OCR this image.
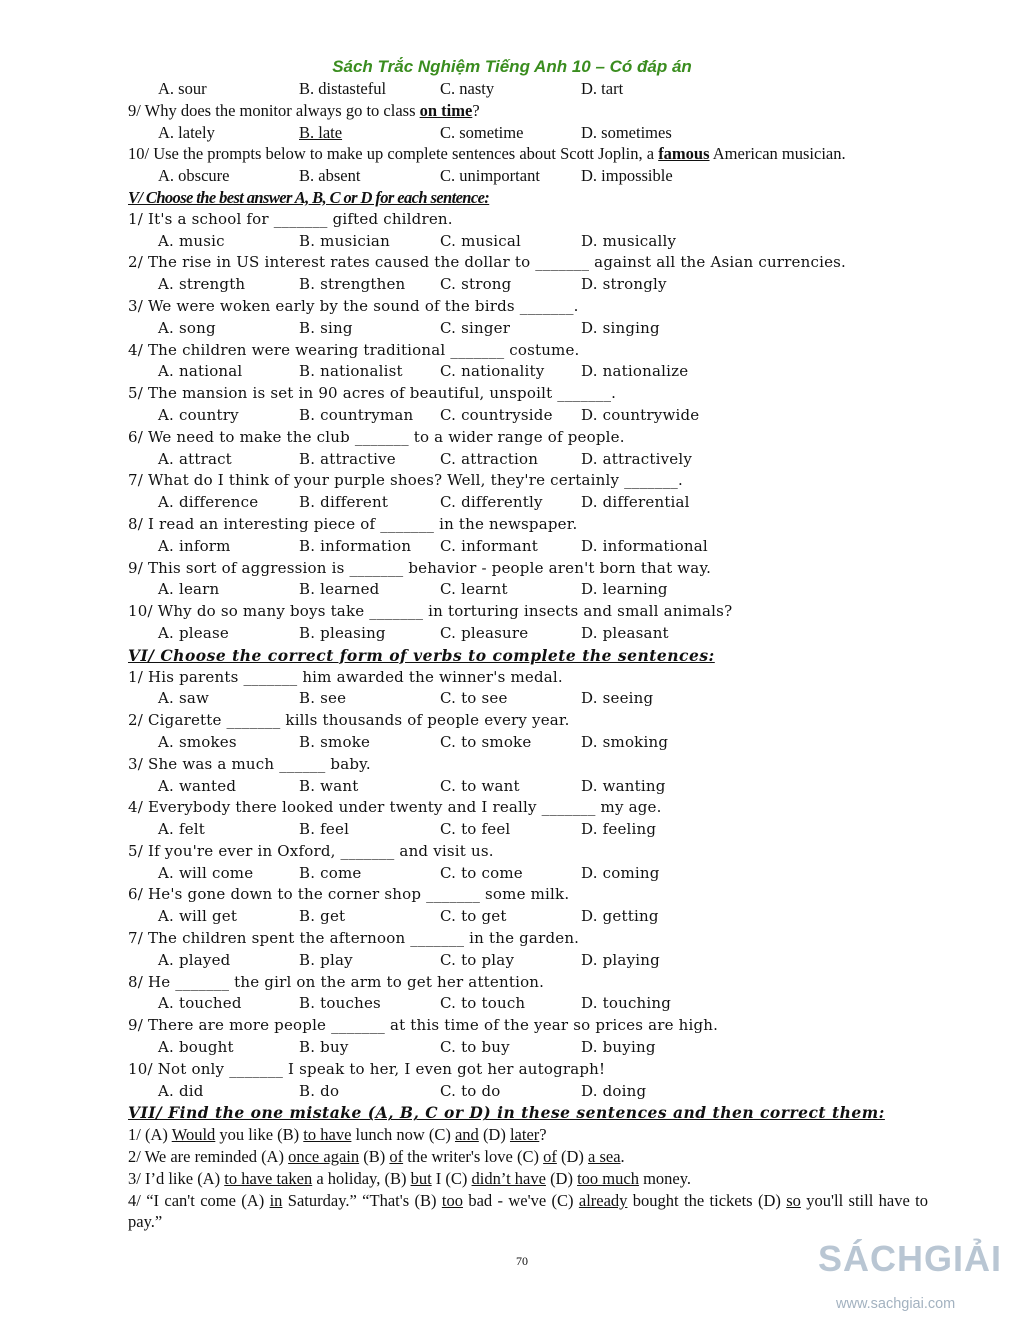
Sách Trắc Nghiệm Tiếng Anh 10 – Có đáp án
A. sour	B. distasteful	C. nasty	D. tart
9/ Why does the monitor always go to class on time?
A. lately	B. late	C. sometime	D. sometimes
10/ Use the prompts below to make up complete sentences about Scott Joplin, a famous American musician.
A. obscure	B. absent	C. unimportant	D. impossible
V/ Choose the best answer A, B, C or D for each sentence:
1/ It's a school for _______ gifted children.
A. music	B. musician	C. musical	D. musically
2/ The rise in US interest rates caused the dollar to _______ against all the Asian currencies.
A. strength	B. strengthen	C. strong	D. strongly
3/ We were woken early by the sound of the birds _______.
A. song	B. sing	C. singer	D. singing
4/ The children were wearing traditional _______ costume.
A. national	B. nationalist	C. nationality	D. nationalize
5/ The mansion is set in 90 acres of beautiful, unspoilt _______.
A. country	B. countryman	C. countryside	D. countrywide
6/ We need to make the club _______ to a wider range of people.
A. attract	B. attractive	C. attraction	D. attractively
7/ What do I think of your purple shoes? Well, they're certainly _______.
A. difference	B. different	C. differently	D. differential
8/ I read an interesting piece of _______ in the newspaper.
A. inform	B. information	C. informant	D. informational
9/ This sort of aggression is _______ behavior - people aren't born that way.
A. learn	B. learned	C. learnt	D. learning
10/ Why do so many boys take _______ in torturing insects and small animals?
A. please	B. pleasing	C. pleasure	D. pleasant
VI/ Choose the correct form of verbs to complete the sentences:
1/ His parents _______ him awarded the winner's medal.
A. saw	B. see	C. to see	D. seeing
2/ Cigarette _______ kills thousands of people every year.
A. smokes	B. smoke	C. to smoke	D. smoking
3/ She was a much ______ baby.
A. wanted	B. want	C. to want	D. wanting
4/ Everybody there looked under twenty and I really _______ my age.
A. felt	B. feel	C. to feel	D. feeling
5/ If you're ever in Oxford, _______ and visit us.
A. will come	B. come	C. to come	D. coming
6/ He's gone down to the corner shop _______ some milk.
A. will get	B. get	C. to get	D. getting
7/ The children spent the afternoon _______ in the garden.
A. played	B. play	C. to play	D. playing
8/ He _______ the girl on the arm to get her attention.
A. touched	B. touches	C. to touch	D. touching
9/ There are more people _______ at this time of the year so prices are high.
A. bought	B. buy	C. to buy	D. buying
10/ Not only _______ I speak to her, I even got her autograph!
A. did	B. do	C. to do	D. doing
VII/ Find the one mistake (A, B, C or D) in these sentences and then correct them:
1/ (A) Would you like (B) to have lunch now (C) and (D) later?
2/ We are reminded (A) once again (B) of the writer's love (C) of (D) a sea.
3/ I’d like (A) to have taken a holiday, (B) but I (C) didn’t have (D) too much money.
4/ “I can't come (A) in Saturday.” “That's (B) too bad - we've (C) already bought the tickets (D) so you'll still have to pay.”
70	SÁCHGIẢI
www.sachgiai.com
